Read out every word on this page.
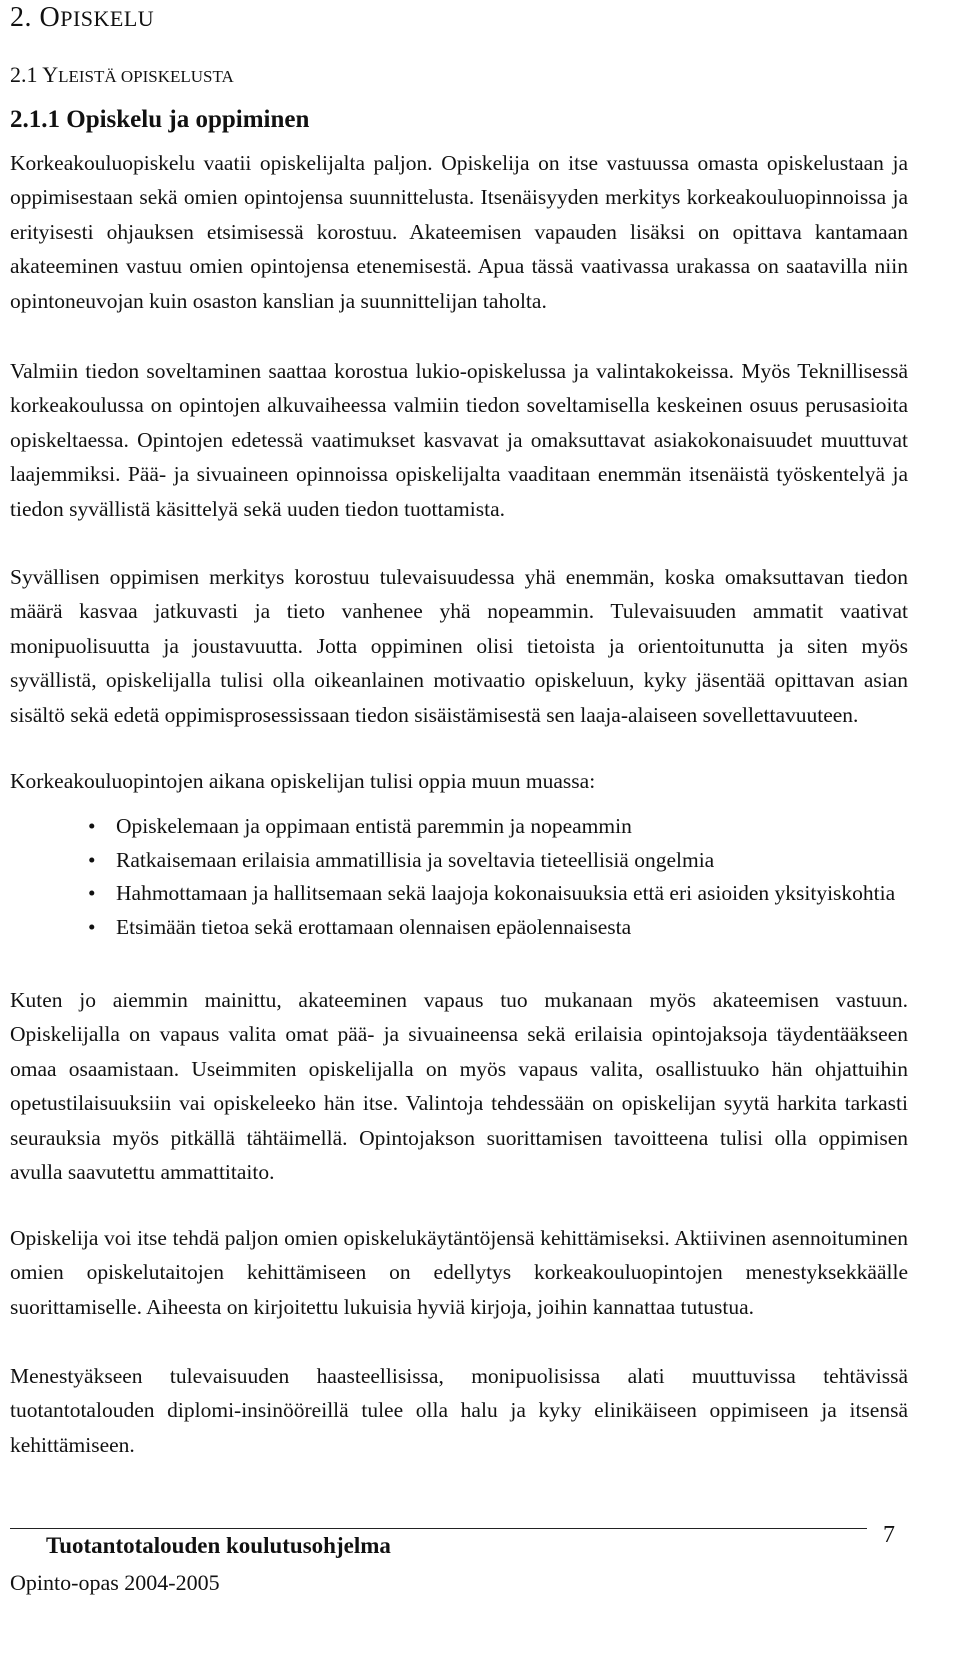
2. OPISKELU
2.1 YLEISTÄ OPISKELUSTA
2.1.1 Opiskelu ja oppiminen

Korkeakouluopiskelu vaatii opiskelijalta paljon. Opiskelija on itse vastuussa omasta opiskelustaan ja oppimisestaan sekä omien opintojensa suunnittelusta. Itsenäisyyden merkitys korkeakouluopinnoissa ja erityisesti ohjauksen etsimisessä korostuu. Akateemisen vapauden lisäksi on opittava kantamaan akateeminen vastuu omien opintojensa etenemisestä. Apua tässä vaativassa urakassa on saatavilla niin opintoneuvojan kuin osaston kanslian ja suunnittelijan taholta.

Valmiin tiedon soveltaminen saattaa korostua lukio-opiskelussa ja valintakokeissa. Myös Teknillisessä korkeakoulussa on opintojen alkuvaiheessa valmiin tiedon soveltamisella keskeinen osuus perusasioita opiskeltaessa. Opintojen edetessä vaatimukset kasvavat ja omaksuttavat asiakokonaisuudet muuttuvat laajemmiksi. Pää- ja sivuaineen opinnoissa opiskelijalta vaaditaan enemmän itsenäistä työskentelyä ja tiedon syvällistä käsittelyä sekä uuden tiedon tuottamista.

Syvällisen oppimisen merkitys korostuu tulevaisuudessa yhä enemmän, koska omaksuttavan tiedon määrä kasvaa jatkuvasti ja tieto vanhenee yhä nopeammin. Tulevaisuuden ammatit vaativat monipuolisuutta ja joustavuutta. Jotta oppiminen olisi tietoista ja orientoitunutta ja siten myös syvällistä, opiskelijalla tulisi olla oikeanlainen motivaatio opiskeluun, kyky jäsentää opittavan asian sisältö sekä edetä oppimisprosessissaan tiedon sisäistämisestä sen laaja-alaiseen sovellettavuuteen.

Korkeakouluopintojen aikana opiskelijan tulisi oppia muun muassa:

• Opiskelemaan ja oppimaan entistä paremmin ja nopeammin
• Ratkaisemaan erilaisia ammatillisia ja soveltavia tieteellisiä ongelmia
• Hahmottamaan ja hallitsemaan sekä laajoja kokonaisuuksia että eri asioiden yksityiskohtia
• Etsimään tietoa sekä erottamaan olennaisen epäolennaisesta

Kuten jo aiemmin mainittu, akateeminen vapaus tuo mukanaan myös akateemisen vastuun. Opiskelijalla on vapaus valita omat pää- ja sivuaineensa sekä erilaisia opintojaksoja täydentääkseen omaa osaamistaan. Useimmiten opiskelijalla on myös vapaus valita, osallistuuko hän ohjattuihin opetustilaisuuksiin vai opiskeleeko hän itse. Valintoja tehdessään on opiskelijan syytä harkita tarkasti seurauksia myös pitkällä tähtäimellä. Opintojakson suorittamisen tavoitteena tulisi olla oppimisen avulla saavutettu ammattitaito.

Opiskelija voi itse tehdä paljon omien opiskelukäytäntöjensä kehittämiseksi. Aktiivinen asennoituminen omien opiskelutaitojen kehittämiseen on edellytys korkeakouluopintojen menestyksekkäälle suorittamiselle. Aiheesta on kirjoitettu lukuisia hyviä kirjoja, joihin kannattaa tutustua.

Menestyäkseen tulevaisuuden haasteellisissa, monipuolisissa alati muuttuvissa tehtävissä tuotantotalouden diplomi-insinööreillä tulee olla halu ja kyky elinikäiseen oppimiseen ja itsensä kehittämiseen.

Tuotantotalouden koulutusohjelma
Opinto-opas 2004-2005
7
